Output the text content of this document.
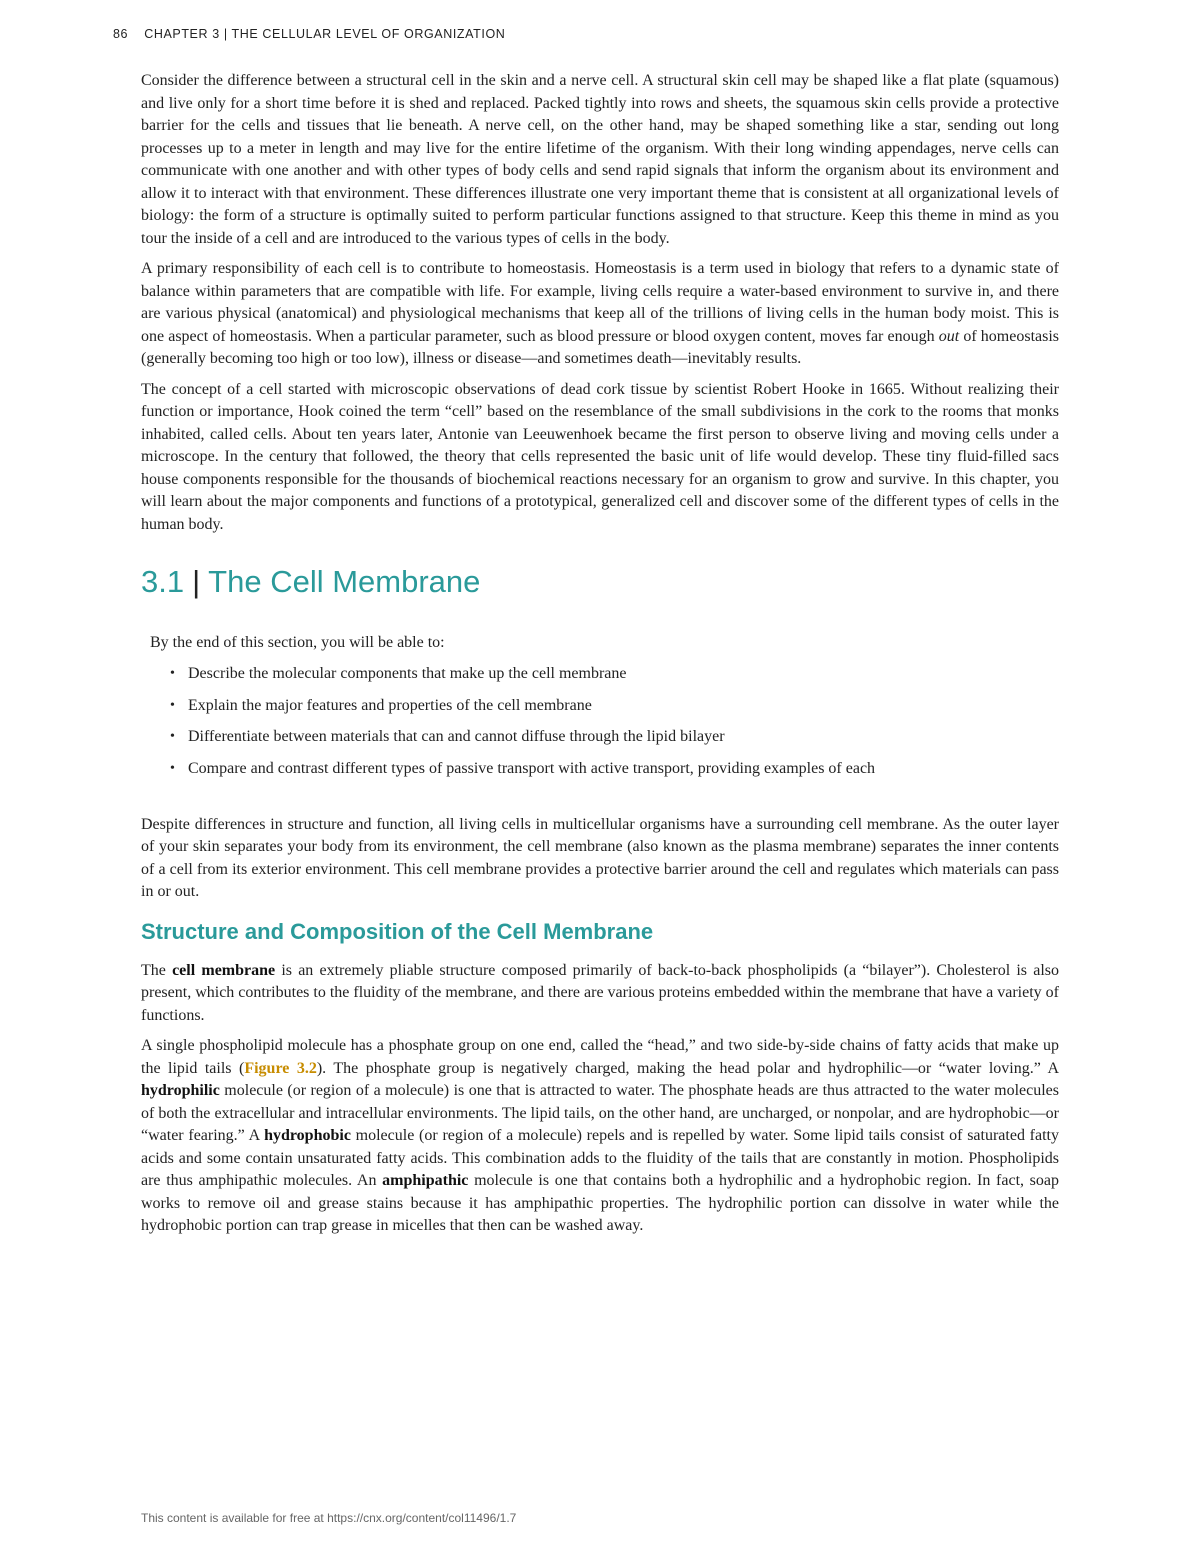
86 CHAPTER 3 | THE CELLULAR LEVEL OF ORGANIZATION

Consider the difference between a structural cell in the skin and a nerve cell. A structural skin cell may be shaped like a flat plate (squamous) and live only for a short time before it is shed and replaced. Packed tightly into rows and sheets, the squamous skin cells provide a protective barrier for the cells and tissues that lie beneath. A nerve cell, on the other hand, may be shaped something like a star, sending out long processes up to a meter in length and may live for the entire lifetime of the organism. With their long winding appendages, nerve cells can communicate with one another and with other types of body cells and send rapid signals that inform the organism about its environment and allow it to interact with that environment. These differences illustrate one very important theme that is consistent at all organizational levels of biology: the form of a structure is optimally suited to perform particular functions assigned to that structure. Keep this theme in mind as you tour the inside of a cell and are introduced to the various types of cells in the body.

A primary responsibility of each cell is to contribute to homeostasis. Homeostasis is a term used in biology that refers to a dynamic state of balance within parameters that are compatible with life. For example, living cells require a water-based environment to survive in, and there are various physical (anatomical) and physiological mechanisms that keep all of the trillions of living cells in the human body moist. This is one aspect of homeostasis. When a particular parameter, such as blood pressure or blood oxygen content, moves far enough out of homeostasis (generally becoming too high or too low), illness or disease—and sometimes death—inevitably results.

The concept of a cell started with microscopic observations of dead cork tissue by scientist Robert Hooke in 1665. Without realizing their function or importance, Hook coined the term “cell” based on the resemblance of the small subdivisions in the cork to the rooms that monks inhabited, called cells. About ten years later, Antonie van Leeuwenhoek became the first person to observe living and moving cells under a microscope. In the century that followed, the theory that cells represented the basic unit of life would develop. These tiny fluid-filled sacs house components responsible for the thousands of biochemical reactions necessary for an organism to grow and survive. In this chapter, you will learn about the major components and functions of a prototypical, generalized cell and discover some of the different types of cells in the human body.

3.1 | The Cell Membrane

By the end of this section, you will be able to:

• Describe the molecular components that make up the cell membrane
• Explain the major features and properties of the cell membrane
• Differentiate between materials that can and cannot diffuse through the lipid bilayer
• Compare and contrast different types of passive transport with active transport, providing examples of each

Despite differences in structure and function, all living cells in multicellular organisms have a surrounding cell membrane. As the outer layer of your skin separates your body from its environment, the cell membrane (also known as the plasma membrane) separates the inner contents of a cell from its exterior environment. This cell membrane provides a protective barrier around the cell and regulates which materials can pass in or out.

Structure and Composition of the Cell Membrane

The cell membrane is an extremely pliable structure composed primarily of back-to-back phospholipids (a “bilayer”). Cholesterol is also present, which contributes to the fluidity of the membrane, and there are various proteins embedded within the membrane that have a variety of functions.

A single phospholipid molecule has a phosphate group on one end, called the “head,” and two side-by-side chains of fatty acids that make up the lipid tails (Figure 3.2). The phosphate group is negatively charged, making the head polar and hydrophilic—or “water loving.” A hydrophilic molecule (or region of a molecule) is one that is attracted to water. The phosphate heads are thus attracted to the water molecules of both the extracellular and intracellular environments. The lipid tails, on the other hand, are uncharged, or nonpolar, and are hydrophobic—or “water fearing.” A hydrophobic molecule (or region of a molecule) repels and is repelled by water. Some lipid tails consist of saturated fatty acids and some contain unsaturated fatty acids. This combination adds to the fluidity of the tails that are constantly in motion. Phospholipids are thus amphipathic molecules. An amphipathic molecule is one that contains both a hydrophilic and a hydrophobic region. In fact, soap works to remove oil and grease stains because it has amphipathic properties. The hydrophilic portion can dissolve in water while the hydrophobic portion can trap grease in micelles that then can be washed away.

This content is available for free at https://cnx.org/content/col11496/1.7
